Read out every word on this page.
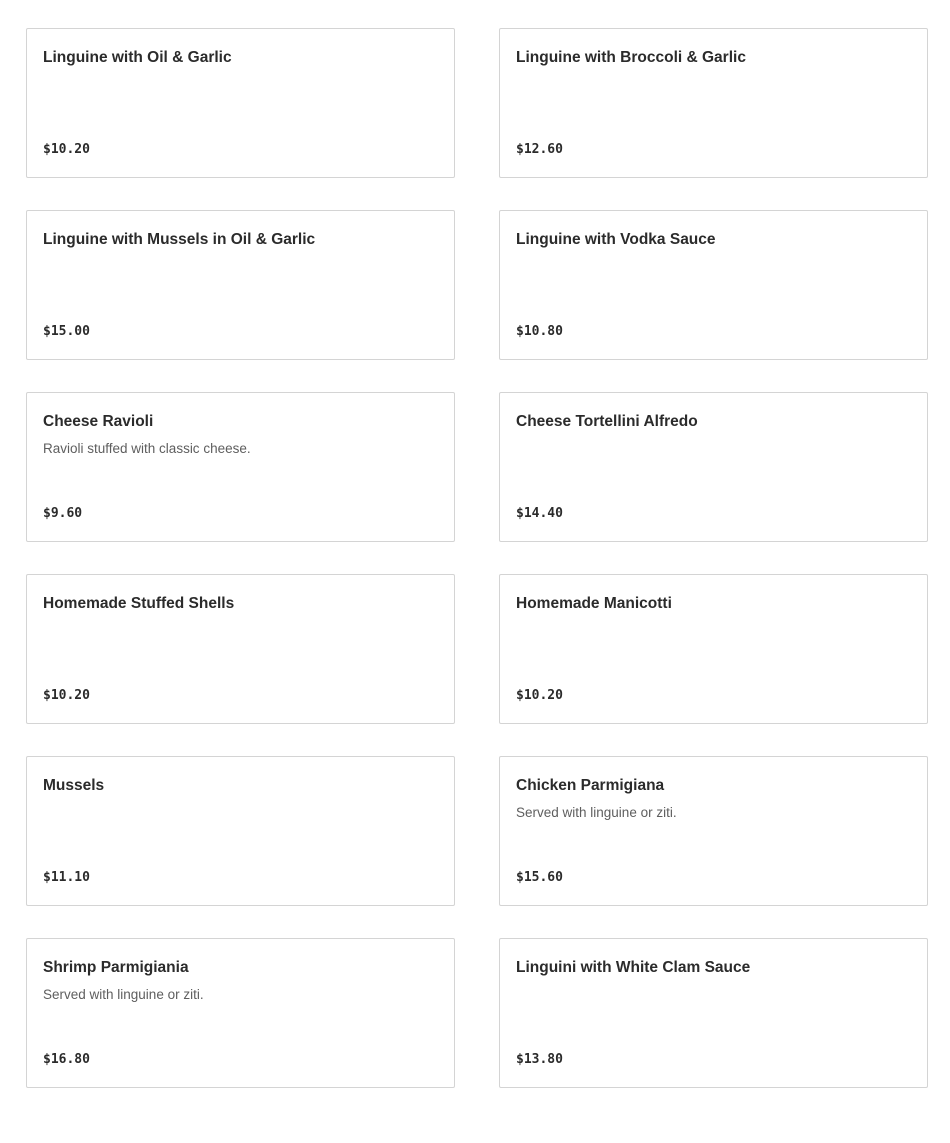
Linguine with Oil & Garlic
$10.20
Linguine with Broccoli & Garlic
$12.60
Linguine with Mussels in Oil & Garlic
$15.00
Linguine with Vodka Sauce
$10.80
Cheese Ravioli
Ravioli stuffed with classic cheese.
$9.60
Cheese Tortellini Alfredo
$14.40
Homemade Stuffed Shells
$10.20
Homemade Manicotti
$10.20
Mussels
$11.10
Chicken Parmigiana
Served with linguine or ziti.
$15.60
Shrimp Parmigiania
Served with linguine or ziti.
$16.80
Linguini with White Clam Sauce
$13.80
